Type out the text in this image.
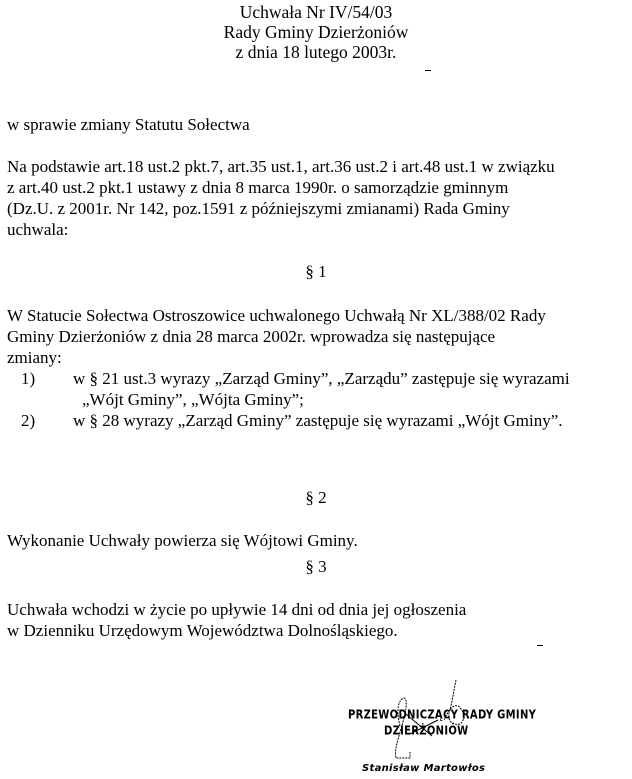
Uchwała Nr IV/54/03
Rady Gminy Dzierżoniów
z dnia 18 lutego 2003r.
w sprawie zmiany Statutu Sołectwa
Na podstawie art.18 ust.2 pkt.7, art.35 ust.1, art.36 ust.2 i art.48 ust.1 w związku
z art.40 ust.2 pkt.1 ustawy z dnia 8 marca 1990r. o samorządzie gminnym
(Dz.U. z 2001r. Nr 142, poz.1591 z późniejszymi zmianami) Rada Gminy
uchwala:
§ 1
W Statucie Sołectwa Ostroszowice uchwalonego Uchwałą Nr XL/388/02 Rady
Gminy Dzierżoniów z dnia 28 marca 2002r. wprowadza się następujące
zmiany:
1)	w § 21 ust.3 wyrazy „Zarząd Gminy”, „Zarządu” zastępuje się wyrazami
„Wójt Gminy”, „Wójta Gminy”;
2)	w § 28 wyrazy „Zarząd Gminy” zastępuje się wyrazami „Wójt Gminy”.
§ 2
Wykonanie Uchwały powierza się Wójtowi Gminy.
§ 3
Uchwała wchodzi w życie po upływie 14 dni od dnia jej ogłoszenia
w Dzienniku Urzędowym Województwa Dolnośląskiego.
PRZEWODNICZĄCY RADY GMINY
DZIERŻONIÓW
Stanisław Martowłos
